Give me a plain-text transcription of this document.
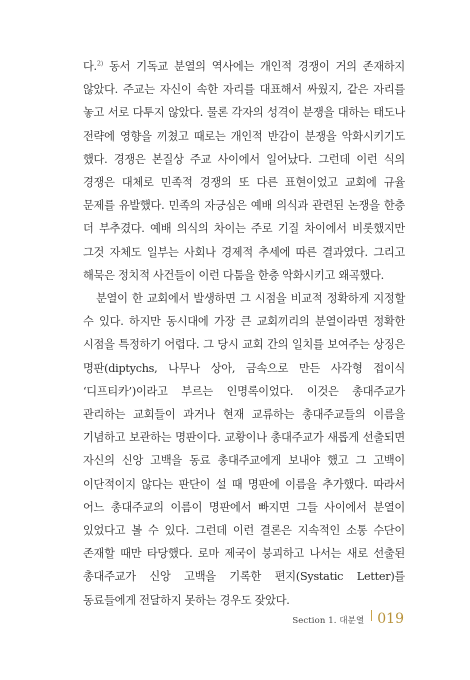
다.$^{2)}$ 동서 기독교 분열의 역사에는 개인적 경쟁이 거의 존재하지 않았다. 주교는 자신이 속한 자리를 대표해서 싸웠지, 같은 자리를 놓고 서로 다투지 않았다. 물론 각자의 성격이 분쟁을 대하는 태도나 전략에 영향을 끼쳤고 때로는 개인적 반감이 분쟁을 악화시키기도 했다. 경쟁은 본질상 주교 사이에서 일어났다. 그런데 이런 식의 경쟁은 대체로 민족적 경쟁의 또 다른 표현이었고 교회에 규율 문제를 유발했다. 민족의 자긍심은 예배 의식과 관련된 논쟁을 한층 더 부추겼다. 예배 의식의 차이는 주로 기질 차이에서 비롯했지만 그것 자체도 일부는 사회나 경제적 추세에 따른 결과였다. 그리고 해묵은 정치적 사건들이 이런 다툼을 한층 악화시키고 왜곡했다.

분열이 한 교회에서 발생하면 그 시점을 비교적 정확하게 지정할 수 있다. 하지만 동시대에 가장 큰 교회끼리의 분열이라면 정확한 시점을 특정하기 어렵다. 그 당시 교회 간의 일치를 보여주는 상징은 명판(diptychs, 나무나 상아, 금속으로 만든 사각형 접이식 ‘디프티카’)이라고 부르는 인명록이었다. 이것은 총대주교가 관리하는 교회들이 과거나 현재 교류하는 총대주교들의 이름을 기념하고 보관하는 명판이다. 교황이나 총대주교가 새롭게 선출되면 자신의 신앙 고백을 동료 총대주교에게 보내야 했고 그 고백이 이단적이지 않다는 판단이 설 때 명판에 이름을 추가했다. 따라서 어느 총대주교의 이름이 명판에서 빠지면 그들 사이에서 분열이 있었다고 볼 수 있다. 그런데 이런 결론은 지속적인 소통 수단이 존재할 때만 타당했다. 로마 제국이 붕괴하고 나서는 새로 선출된 총대주교가 신앙 고백을 기록한 편지(Systatic Letter)를 동료들에게 전달하지 못하는 경우도 잦았다.

Section 1. 대분열 019
